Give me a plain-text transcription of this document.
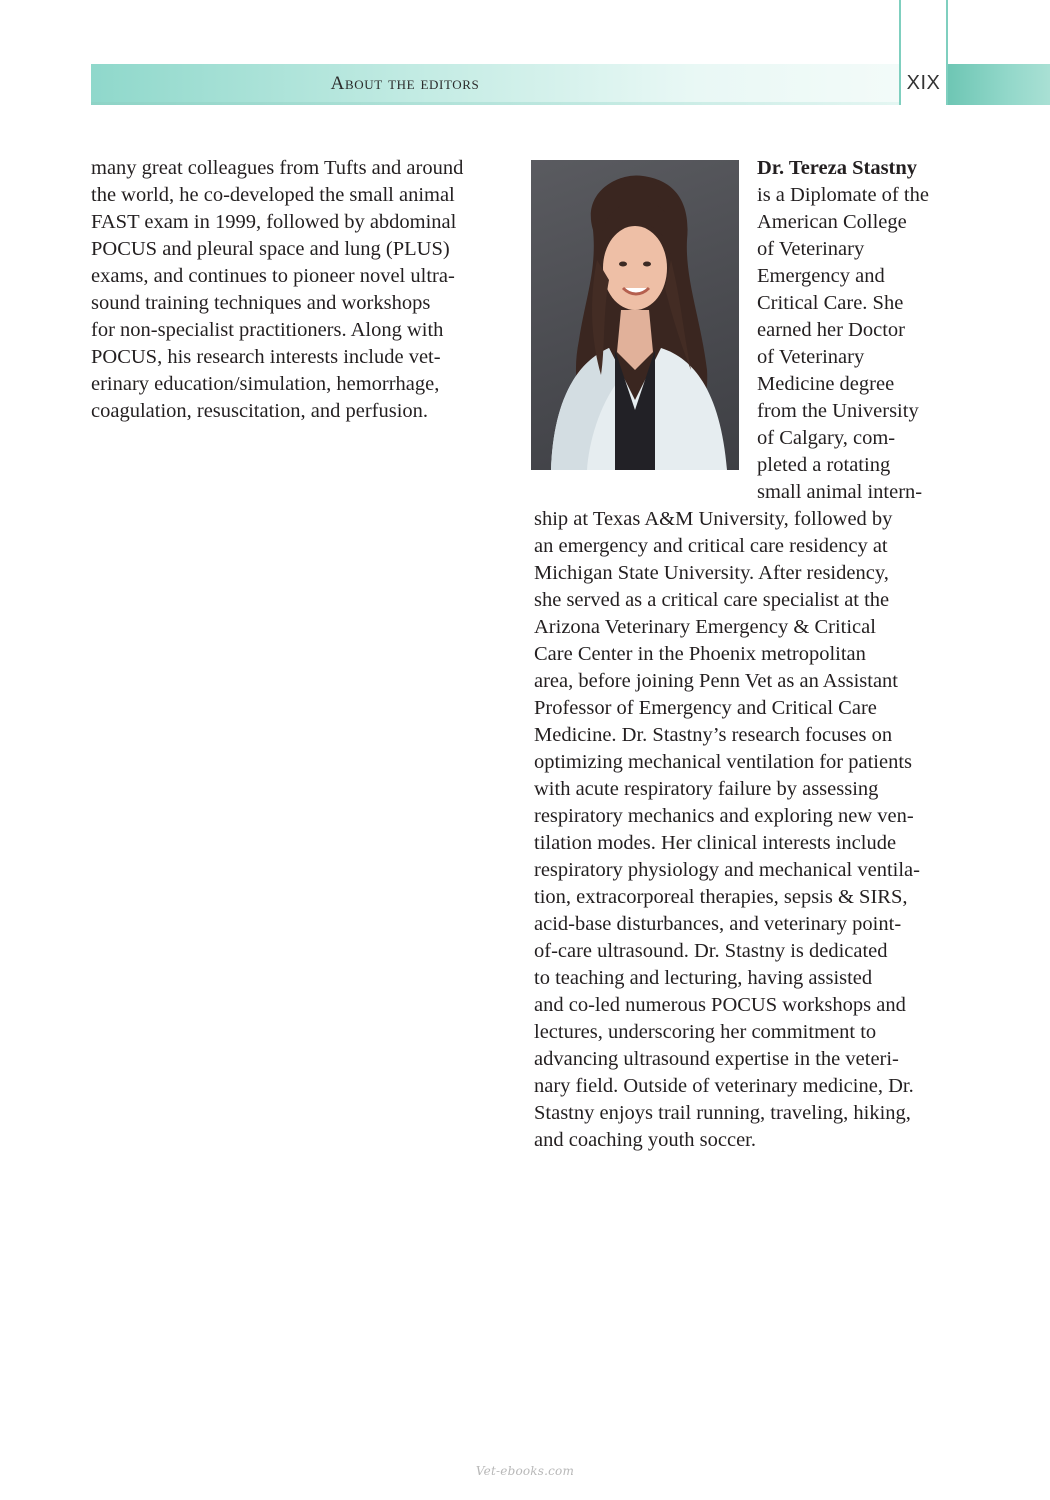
About the editors	XIX
many great colleagues from Tufts and around
the world, he co-developed the small animal
FAST exam in 1999, followed by abdominal
POCUS and pleural space and lung (PLUS)
exams, and continues to pioneer novel ultra-
sound training techniques and workshops
for non-specialist practitioners. Along with
POCUS, his research interests include vet-
erinary education/simulation, hemorrhage,
coagulation, resuscitation, and perfusion.
Dr. Tereza Stastny
is a Diplomate of the
American College
of Veterinary
Emergency and
Critical Care. She
earned her Doctor
of Veterinary
Medicine degree
from the University
of Calgary, com-
pleted a rotating
small animal intern-
ship at Texas A&M University, followed by
an emergency and critical care residency at
Michigan State University. After residency,
she served as a critical care specialist at the
Arizona Veterinary Emergency & Critical
Care Center in the Phoenix metropolitan
area, before joining Penn Vet as an Assistant
Professor of Emergency and Critical Care
Medicine. Dr. Stastny’s research focuses on
optimizing mechanical ventilation for patients
with acute respiratory failure by assessing
respiratory mechanics and exploring new ven-
tilation modes. Her clinical interests include
respiratory physiology and mechanical ventila-
tion, extracorporeal therapies, sepsis & SIRS,
acid-base disturbances, and veterinary point-
of-care ultrasound. Dr. Stastny is dedicated
to teaching and lecturing, having assisted
and co-led numerous POCUS workshops and
lectures, underscoring her commitment to
advancing ultrasound expertise in the veteri-
nary field. Outside of veterinary medicine, Dr.
Stastny enjoys trail running, traveling, hiking,
and coaching youth soccer.
Vet-ebooks.com
